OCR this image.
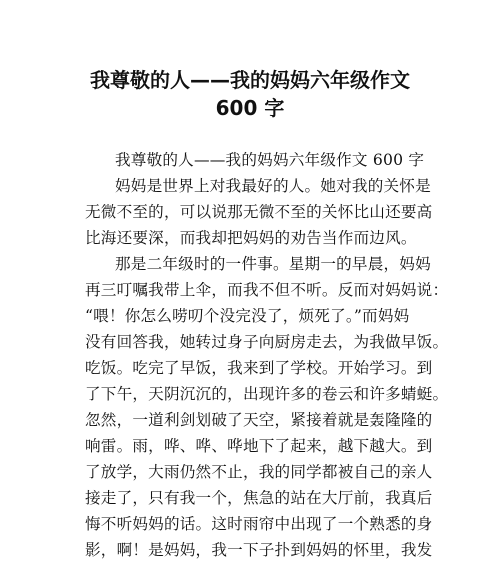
我尊敬的人——我的妈妈六年级作文
600 字
我尊敬的人——我的妈妈六年级作文 600 字
妈妈是世界上对我最好的人。她对我的关怀是
无微不至的，可以说那无微不至的关怀比山还要高
比海还要深，而我却把妈妈的劝告当作而边风。
那是二年级时的一件事。星期一的早晨，妈妈
再三叮嘱我带上伞，而我不但不听。反而对妈妈说：
“喂！你怎么唠叨个没完没了，烦死了。”而妈妈
没有回答我，她转过身子向厨房走去，为我做早饭。
吃饭。吃完了早饭，我来到了学校。开始学习。到
了下午，天阴沉沉的，出现许多的卷云和许多蜻蜓。
忽然，一道利剑划破了天空，紧接着就是轰隆隆的
响雷。雨，哗、哗、哗地下了起来，越下越大。到
了放学，大雨仍然不止，我的同学都被自己的亲人
接走了，只有我一个，焦急的站在大厅前，我真后
悔不听妈妈的话。这时雨帘中出现了一个熟悉的身
影，啊！是妈妈，我一下子扑到妈妈的怀里，我发
